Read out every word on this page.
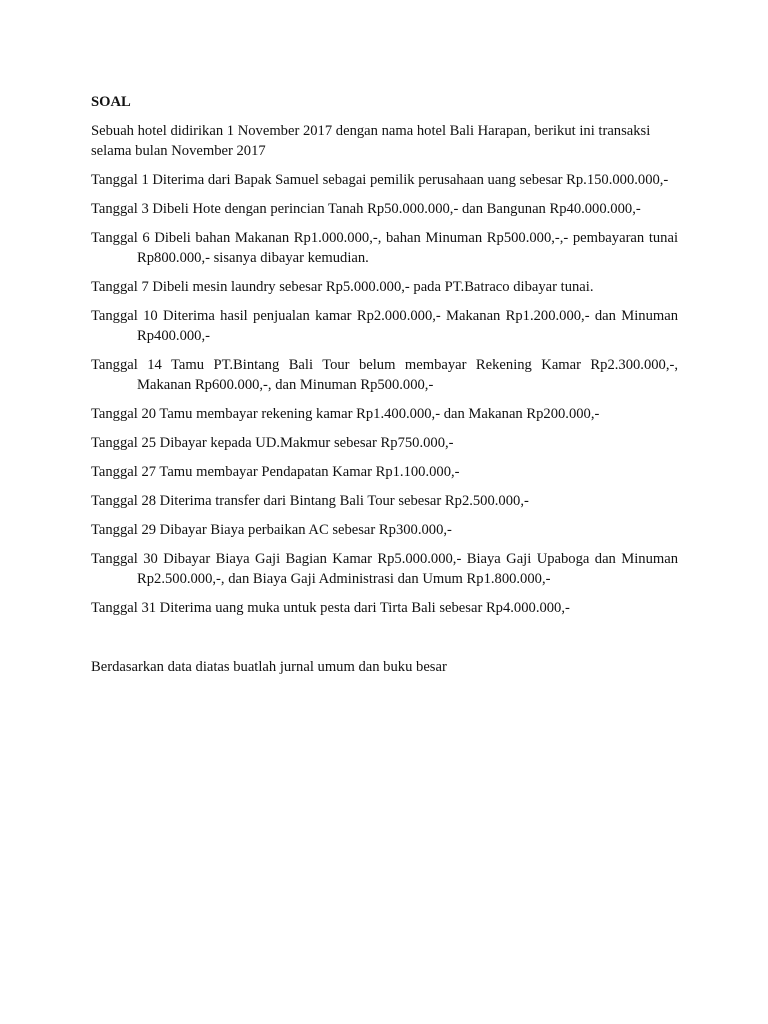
SOAL
Sebuah hotel didirikan 1 November 2017 dengan nama hotel Bali Harapan, berikut ini transaksi selama bulan November 2017
Tanggal 1 Diterima dari Bapak Samuel sebagai pemilik perusahaan uang sebesar Rp.150.000.000,-
Tanggal 3 Dibeli Hote dengan perincian Tanah Rp50.000.000,- dan Bangunan Rp40.000.000,-
Tanggal 6 Dibeli bahan Makanan Rp1.000.000,-, bahan Minuman Rp500.000,-,- pembayaran tunai Rp800.000,- sisanya dibayar kemudian.
Tanggal 7 Dibeli mesin laundry sebesar Rp5.000.000,- pada PT.Batraco dibayar tunai.
Tanggal 10 Diterima hasil penjualan kamar Rp2.000.000,- Makanan Rp1.200.000,- dan Minuman Rp400.000,-
Tanggal 14 Tamu PT.Bintang Bali Tour belum membayar Rekening Kamar Rp2.300.000,-, Makanan Rp600.000,-, dan Minuman Rp500.000,-
Tanggal 20 Tamu membayar rekening kamar Rp1.400.000,- dan Makanan Rp200.000,-
Tanggal 25 Dibayar kepada UD.Makmur sebesar Rp750.000,-
Tanggal 27 Tamu membayar Pendapatan Kamar Rp1.100.000,-
Tanggal 28 Diterima transfer dari Bintang Bali Tour sebesar Rp2.500.000,-
Tanggal 29 Dibayar Biaya perbaikan AC sebesar Rp300.000,-
Tanggal 30 Dibayar Biaya Gaji Bagian Kamar Rp5.000.000,- Biaya Gaji Upaboga dan Minuman Rp2.500.000,-, dan Biaya Gaji Administrasi dan Umum Rp1.800.000,-
Tanggal 31 Diterima uang muka untuk pesta dari Tirta Bali sebesar Rp4.000.000,-
Berdasarkan data diatas buatlah jurnal umum dan buku besar
